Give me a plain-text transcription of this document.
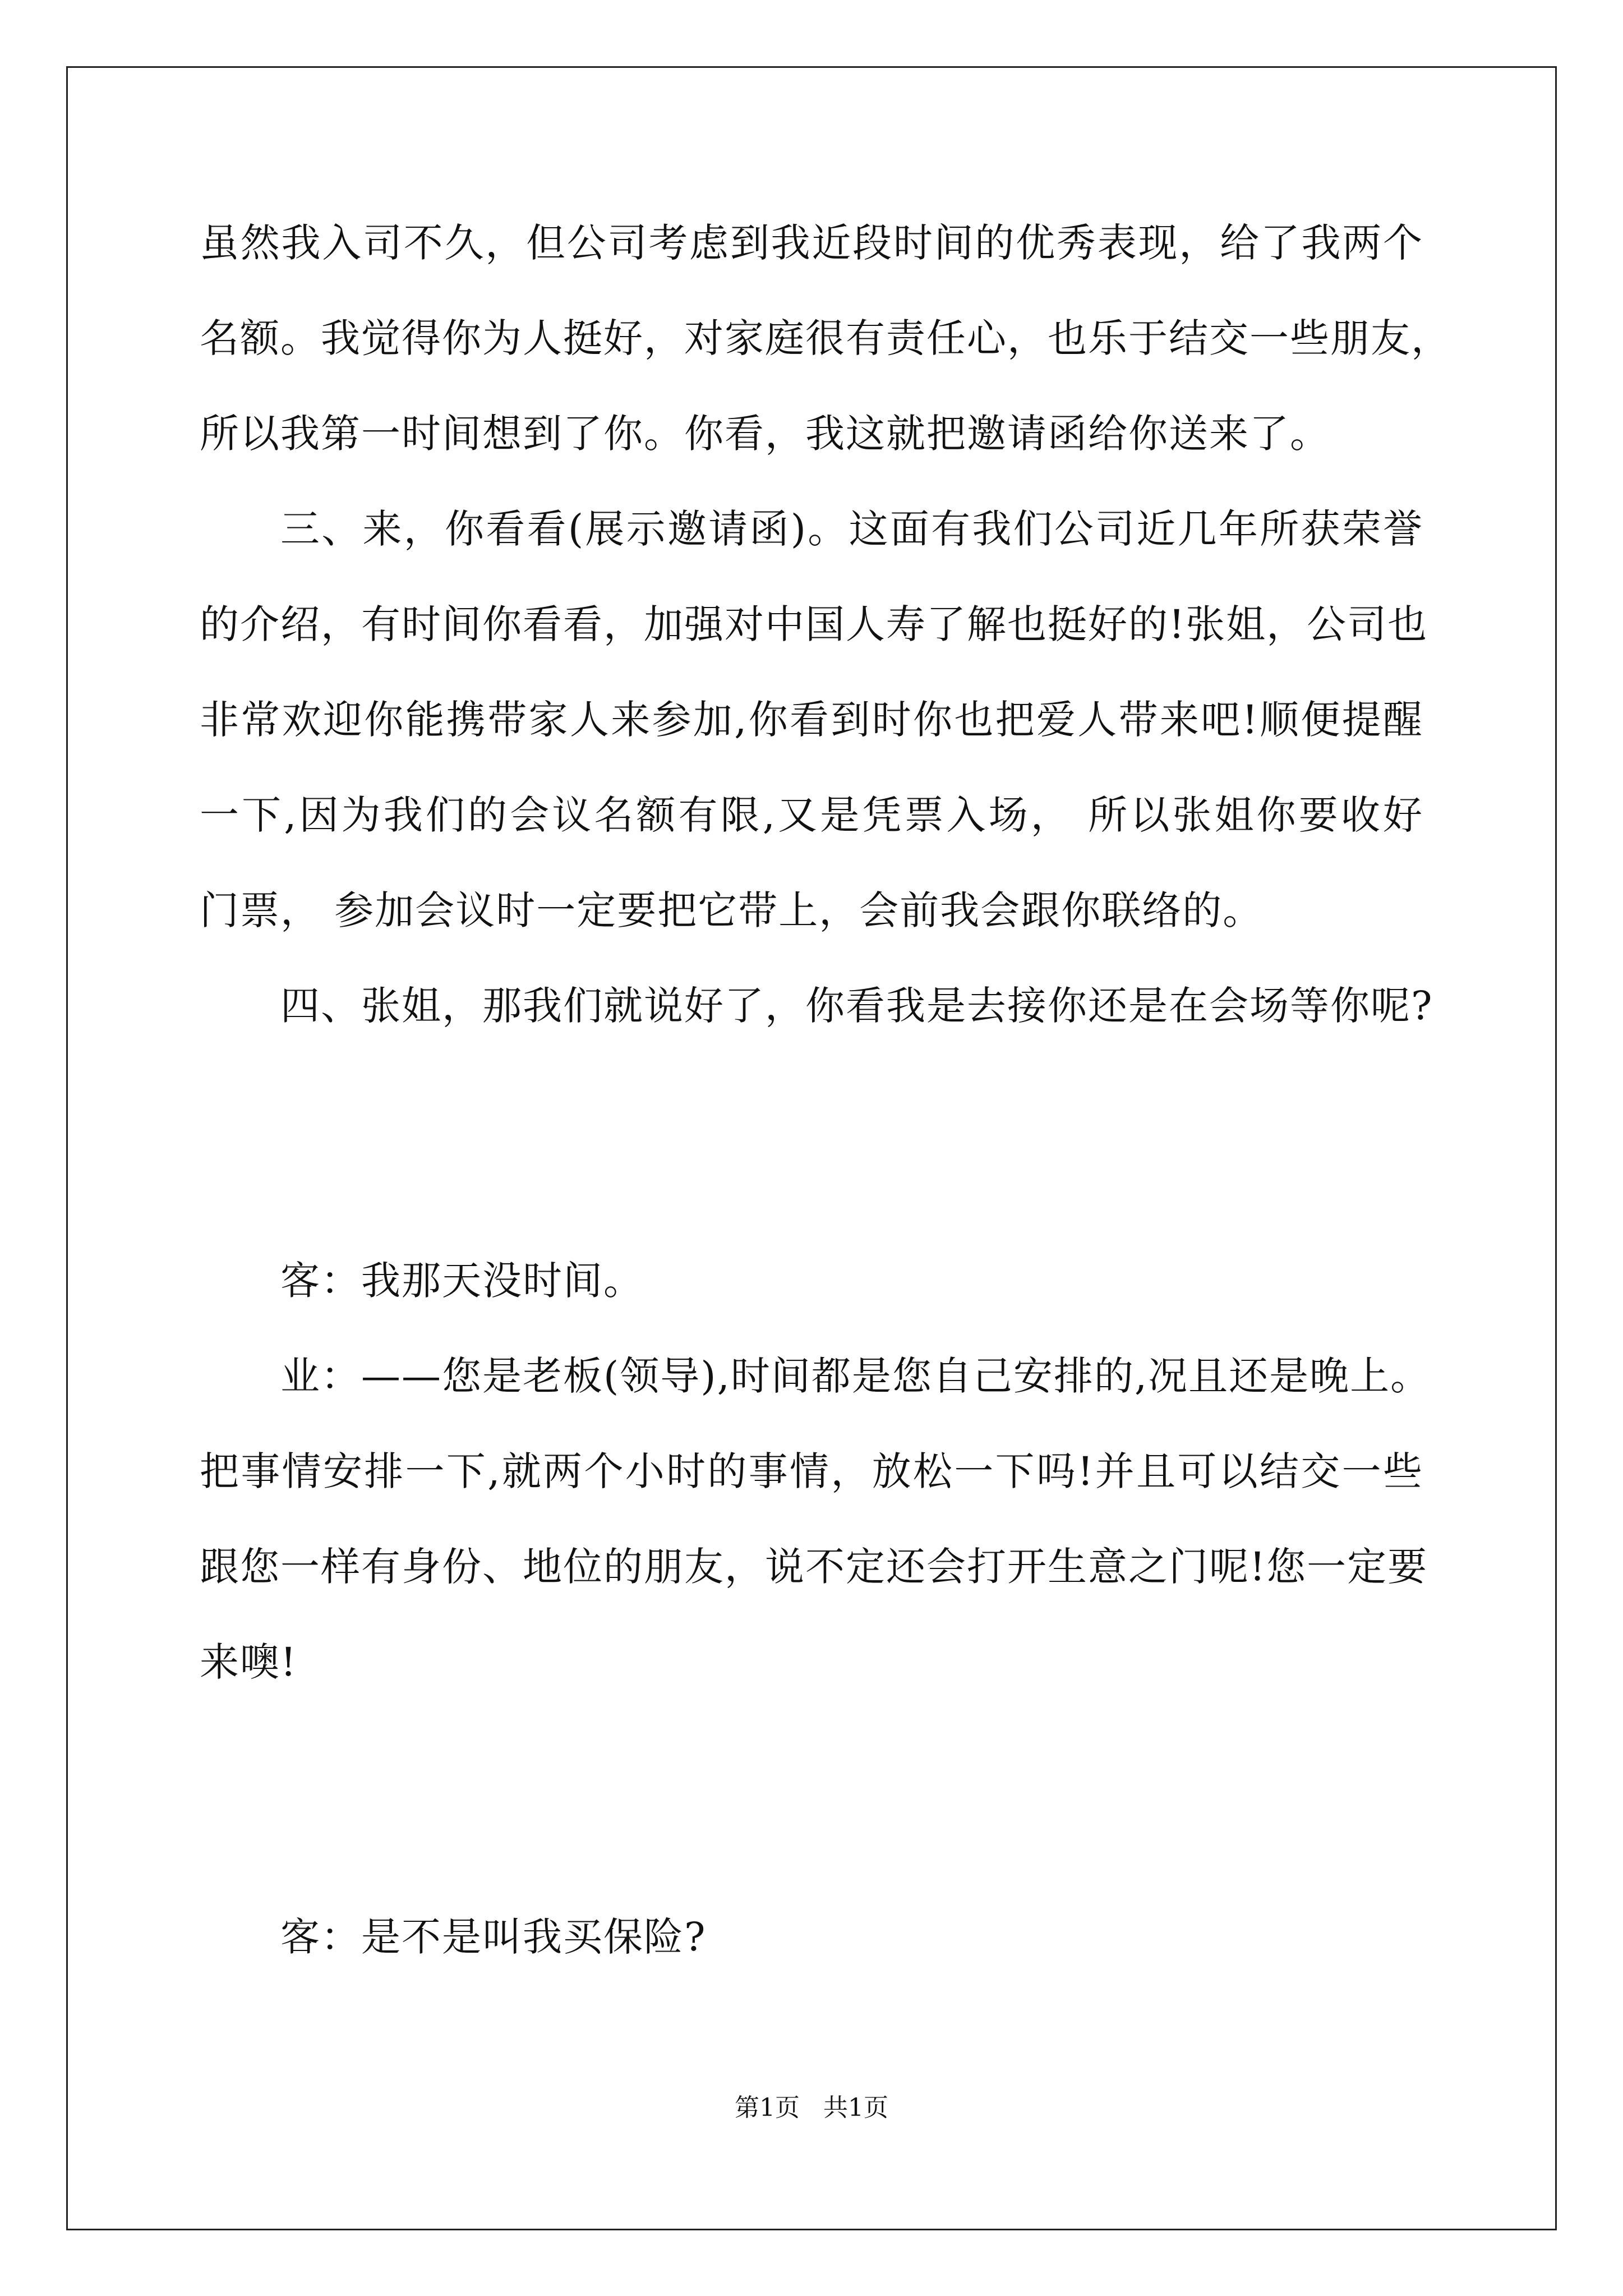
虽然我入司不久，但公司考虑到我近段时间的优秀表现，给了我两个
名额。我觉得你为人挺好，对家庭很有责任心，也乐于结交一些朋友，
所以我第一时间想到了你。你看，我这就把邀请函给你送来了。
三、来，你看看(展示邀请函)。这面有我们公司近几年所获荣誉
的介绍，有时间你看看，加强对中国人寿了解也挺好的!张姐，公司也
非常欢迎你能携带家人来参加,你看到时你也把爱人带来吧!顺便提醒
一下,因为我们的会议名额有限,又是凭票入场， 所以张姐你要收好
门票， 参加会议时一定要把它带上，会前我会跟你联络的。
四、张姐，那我们就说好了，你看我是去接你还是在会场等你呢?
客：我那天没时间。
业：——您是老板(领导),时间都是您自己安排的,况且还是晚上。
把事情安排一下,就两个小时的事情，放松一下吗!并且可以结交一些
跟您一样有身份、地位的朋友，说不定还会打开生意之门呢!您一定要
来噢!
客：是不是叫我买保险?
第1页   共1页
